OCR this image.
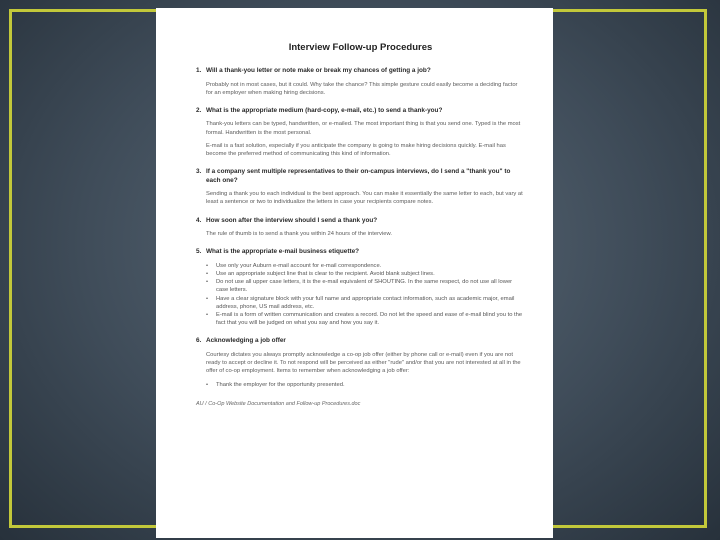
Interview Follow-up Procedures
1. Will a thank-you letter or note make or break my chances of getting a job?
Probably not in most cases, but it could. Why take the chance? This simple gesture could easily become a deciding factor for an employer when making hiring decisions.
2. What is the appropriate medium (hard-copy, e-mail, etc.) to send a thank-you?
Thank-you letters can be typed, handwritten, or e-mailed. The most important thing is that you send one. Typed is the most formal. Handwritten is the most personal.
E-mail is a fast solution, especially if you anticipate the company is going to make hiring decisions quickly. E-mail has become the preferred method of communicating this kind of information.
3. If a company sent multiple representatives to their on-campus interviews, do I send a "thank you" to each one?
Sending a thank you to each individual is the best approach. You can make it essentially the same letter to each, but vary at least a sentence or two to individualize the letters in case your recipients compare notes.
4. How soon after the interview should I send a thank you?
The rule of thumb is to send a thank you within 24 hours of the interview.
5. What is the appropriate e-mail business etiquette?
•	Use only your Auburn e-mail account for e-mail correspondence.
•	Use an appropriate subject line that is clear to the recipient. Avoid blank subject lines.
•	Do not use all upper case letters, it is the e-mail equivalent of SHOUTING. In the same respect, do not use all lower case letters.
•	Have a clear signature block with your full name and appropriate contact information, such as academic major, email address, phone, US mail address, etc.
•	E-mail is a form of written communication and creates a record. Do not let the speed and ease of e-mail blind you to the fact that you will be judged on what you say and how you say it.
6. Acknowledging a job offer
Courtesy dictates you always promptly acknowledge a co-op job offer (either by phone call or e-mail) even if you are not ready to accept or decline it. To not respond will be perceived as either "rude" and/or that you are not interested at all in the offer of co-op employment. Items to remember when acknowledging a job offer:
•	Thank the employer for the opportunity presented.
AU / Co-Op Website Documentation and Follow-up Procedures.doc
